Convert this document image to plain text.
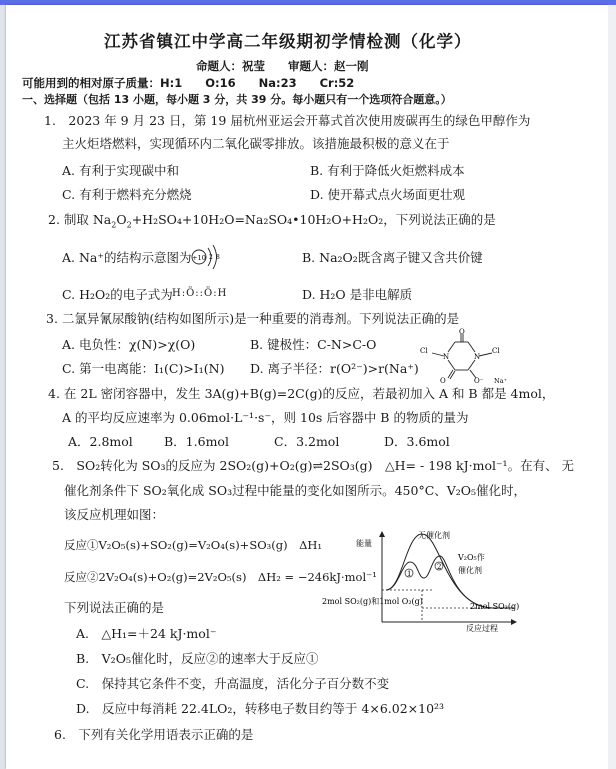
江苏省镇江中学高二年级期初学情检测（化学）
命题人：祝莹　　审题人：赵一刚
可能用到的相对原子质量：H:1　　O:16　　Na:23　　Cr:52
一、选择题（包括 13 小题，每小题 3 分，共 39 分。每小题只有一个选项符合题意。）
1.　2023 年 9 月 23 日，第 19 届杭州亚运会开幕式首次使用废碳再生的绿色甲醇作为
主火炬塔燃料，实现循环内二氧化碳零排放。该措施最积极的意义在于
A. 有利于实现碳中和	B. 有利于降低火炬燃料成本
C. 有利于燃料充分燃烧	D. 使开幕式点火场面更壮观
2. 制取 $Na_2O_2+H_2SO_4+10H_2O=Na_2SO_4•10H_2O+H_2O_2$，下列说法正确的是
A. Na⁺的结构示意图为 +10 2 8	B. Na₂O₂既含离子键又含共价键
C. H₂O₂的电子式为 H:Ö::Ö:H	D. H₂O 是非电解质
3. 二氯异氰尿酸钠(结构如图所示)是一种重要的消毒剂。下列说法正确的是
A. 电负性：χ(N)>χ(O)	B. 键极性：C-N>C-O
C. 第一电离能：I₁(C)>I₁(N) D. 离子半径：r(O²⁻)>r(Na⁺)
O
N	N
Cl	Cl
O	O⁻ Na⁺
4. 在 2L 密闭容器中，发生 3A(g)+B(g)=2C(g)的反应，若最初加入 A 和 B 都是 4mol，
A 的平均反应速率为 0.06mol·L⁻¹·s⁻，则 10s 后容器中 B 的物质的量为
A．2.8mol B．1.6mol	C．3.2mol	D．3.6mol
5.　SO₂转化为 SO₃的反应为 2SO₂(g)+O₂(g)⇌2SO₃(g)　△H= - 198 kJ·mol⁻¹。在有、 无
催化剂条件下 SO₂氧化成 SO₃过程中能量的变化如图所示。450°C、V₂O₅催化时，
该反应机理如图：
反应①V₂O₅(s)+SO₂(g)=V₂O₄(s)+SO₃(g)　ΔH₁
反应②2V₂O₄(s)+O₂(g)=2V₂O₅(s)　ΔH₂ = −246kJ·mol⁻¹
下列说法正确的是
A.　△H₁=＋24 kJ·mol⁻
B.　V₂O₅催化时，反应②的速率大于反应①
C.　保持其它条件不变，升高温度，活化分子百分数不变
D.　反应中每消耗 22.4LO₂，转移电子数目约等于 4×6.02×10²³
能量
无催化剂
V₂O₅作
催化剂
1
2
2mol SO₂(g)和1mol O₂(g)
2mol SO₃(g)
反应过程
6.　下列有关化学用语表示正确的是
